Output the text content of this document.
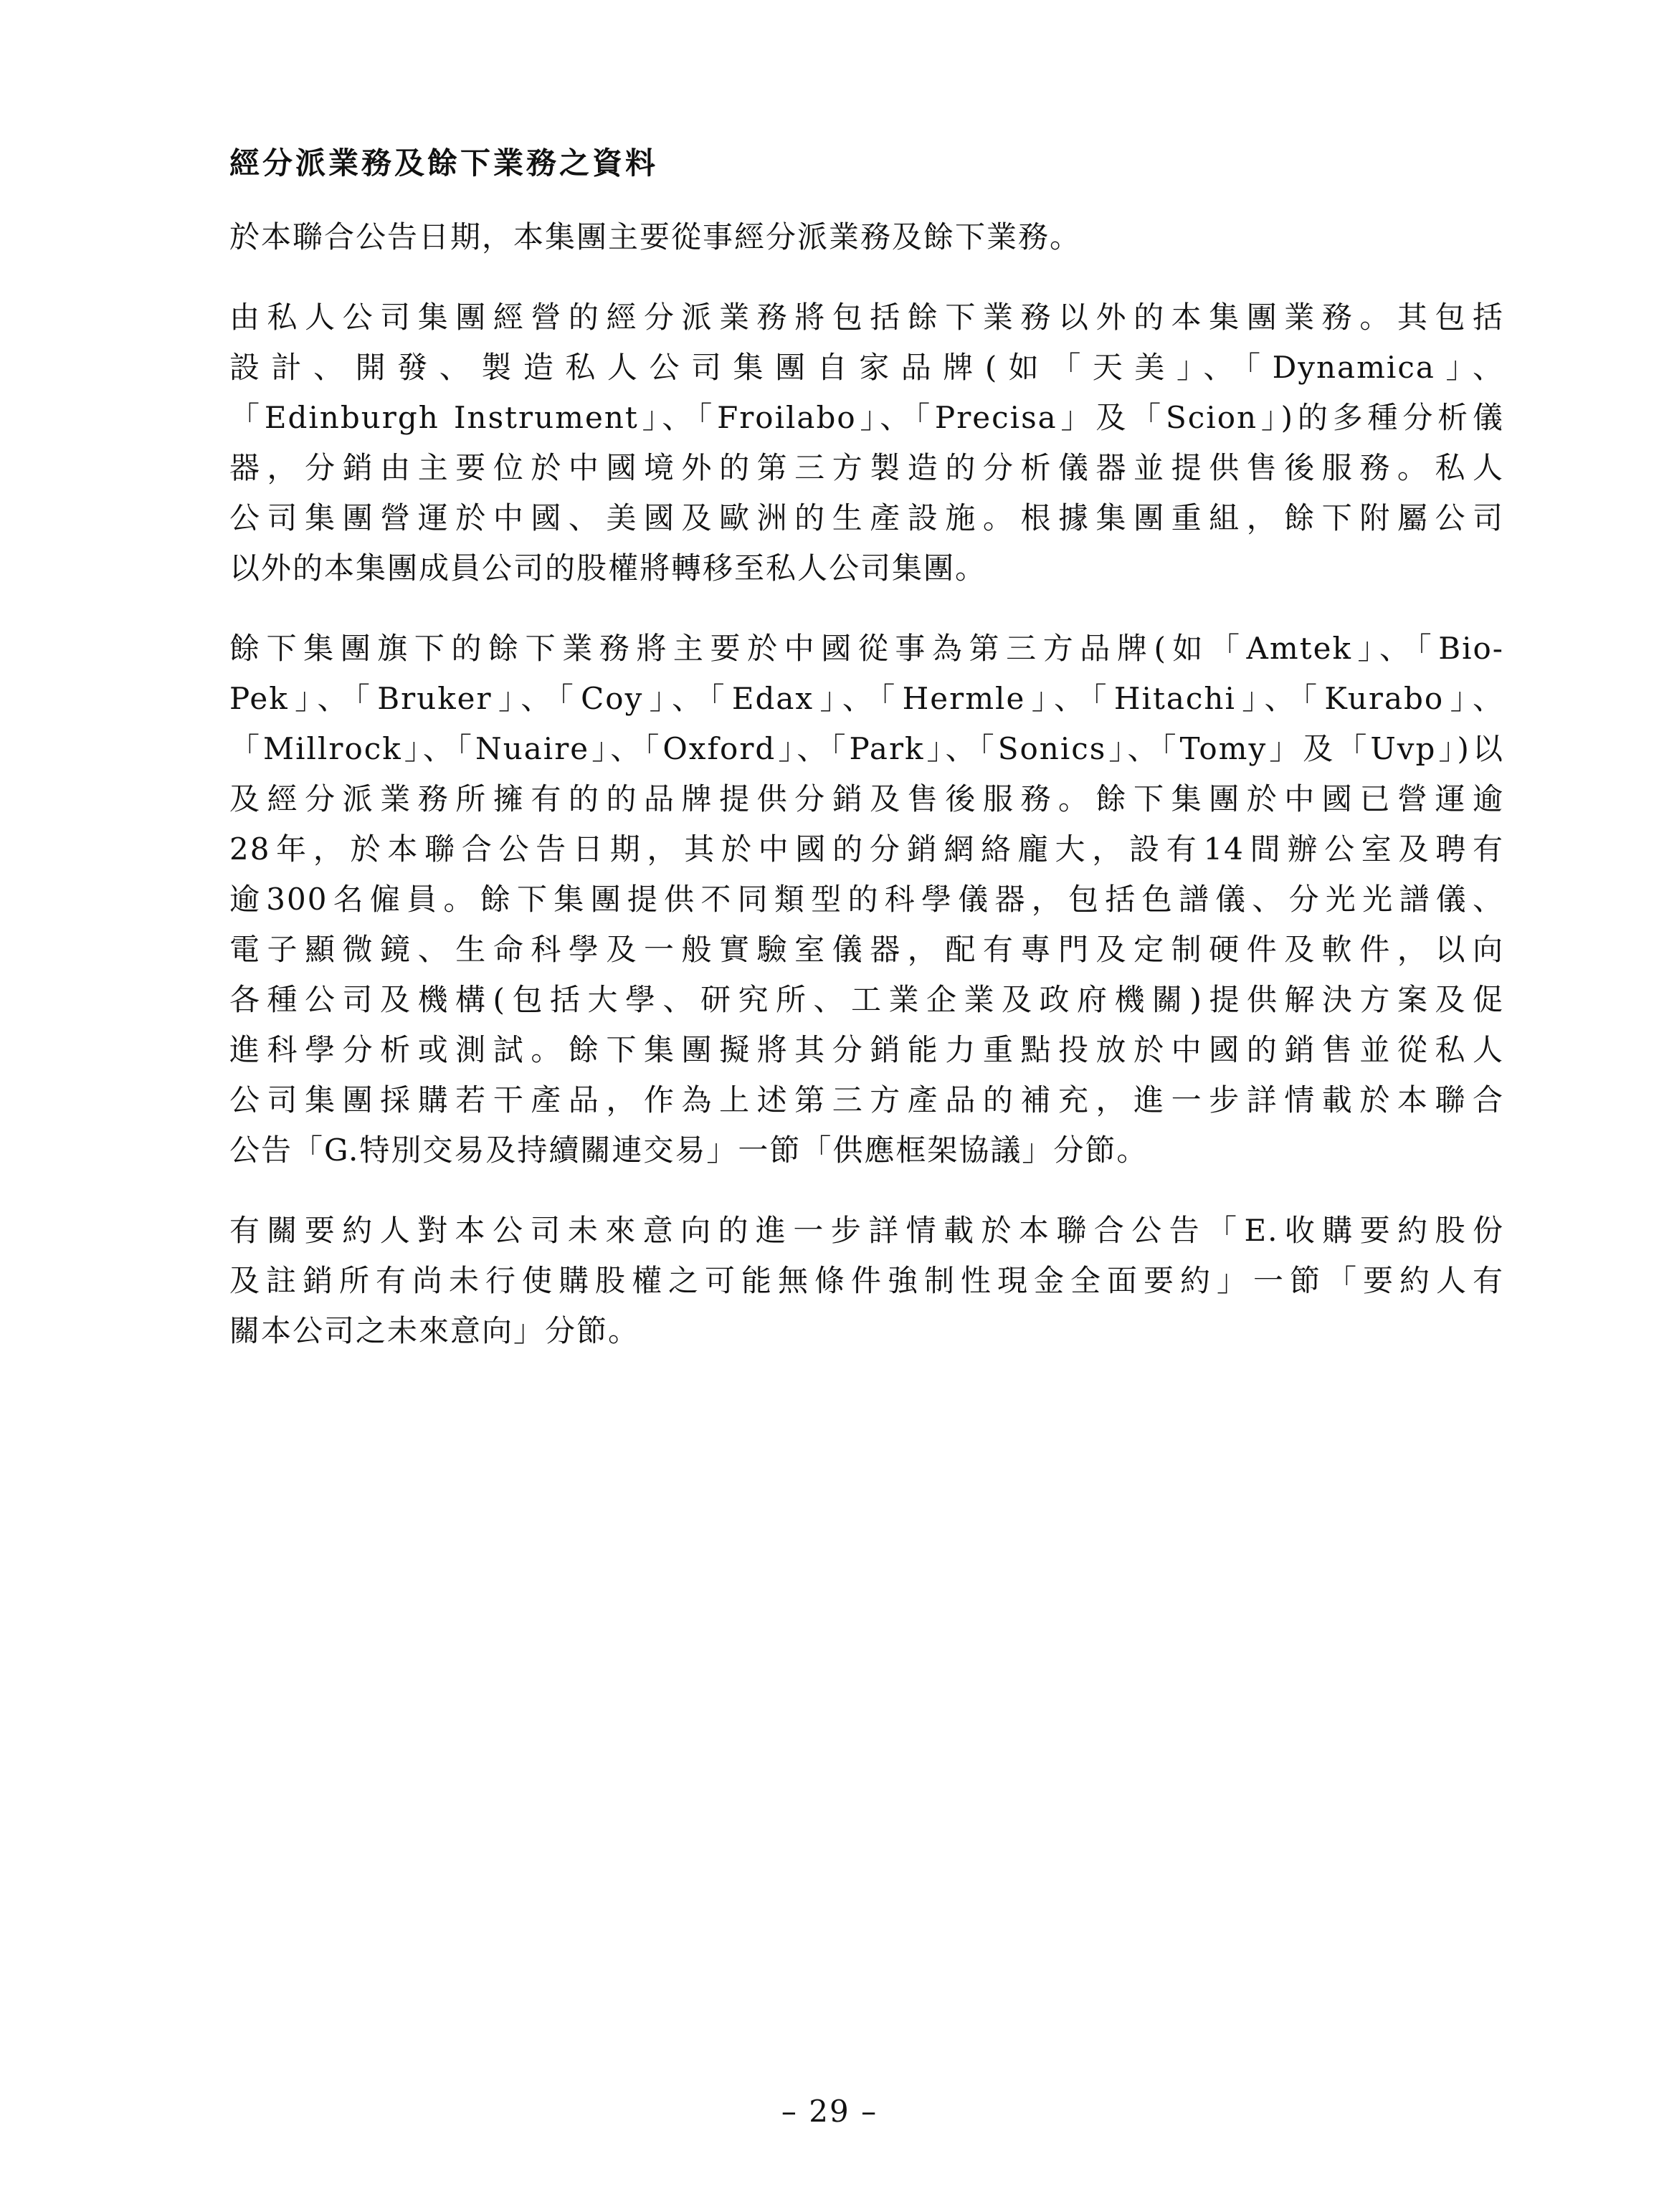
經分派業務及餘下業務之資料
於本聯合公告日期，本集團主要從事經分派業務及餘下業務。
由私人公司集團經營的經分派業務將包括餘下業務以外的本集團業務。其包括
設計、開發、製造私人公司集團自家品牌(如「天美」、「Dynamica」、
「Edinburgh Instrument」、「Froilabo」、「Precisa」及「Scion」)的多種分析儀
器，分銷由主要位於中國境外的第三方製造的分析儀器並提供售後服務。私人
公司集團營運於中國、美國及歐洲的生產設施。根據集團重組，餘下附屬公司
以外的本集團成員公司的股權將轉移至私人公司集團。
餘下集團旗下的餘下業務將主要於中國從事為第三方品牌(如「Amtek」、「Bio-
Pek」、「Bruker」、「Coy」、「Edax」、「Hermle」、「Hitachi」、「Kurabo」、
「Millrock」、「Nuaire」、「Oxford」、「Park」、「Sonics」、「Tomy」及「Uvp」)以
及經分派業務所擁有的的品牌提供分銷及售後服務。餘下集團於中國已營運逾
28年，於本聯合公告日期，其於中國的分銷網絡龐大，設有14間辦公室及聘有
逾300名僱員。餘下集團提供不同類型的科學儀器，包括色譜儀、分光光譜儀、
電子顯微鏡、生命科學及一般實驗室儀器，配有專門及定制硬件及軟件，以向
各種公司及機構(包括大學、研究所、工業企業及政府機關)提供解決方案及促
進科學分析或測試。餘下集團擬將其分銷能力重點投放於中國的銷售並從私人
公司集團採購若干產品，作為上述第三方產品的補充，進一步詳情載於本聯合
公告「G.特別交易及持續關連交易」一節「供應框架協議」分節。
有關要約人對本公司未來意向的進一步詳情載於本聯合公告「E.收購要約股份
及註銷所有尚未行使購股權之可能無條件強制性現金全面要約」一節「要約人有
關本公司之未來意向」分節。
– 29 –
